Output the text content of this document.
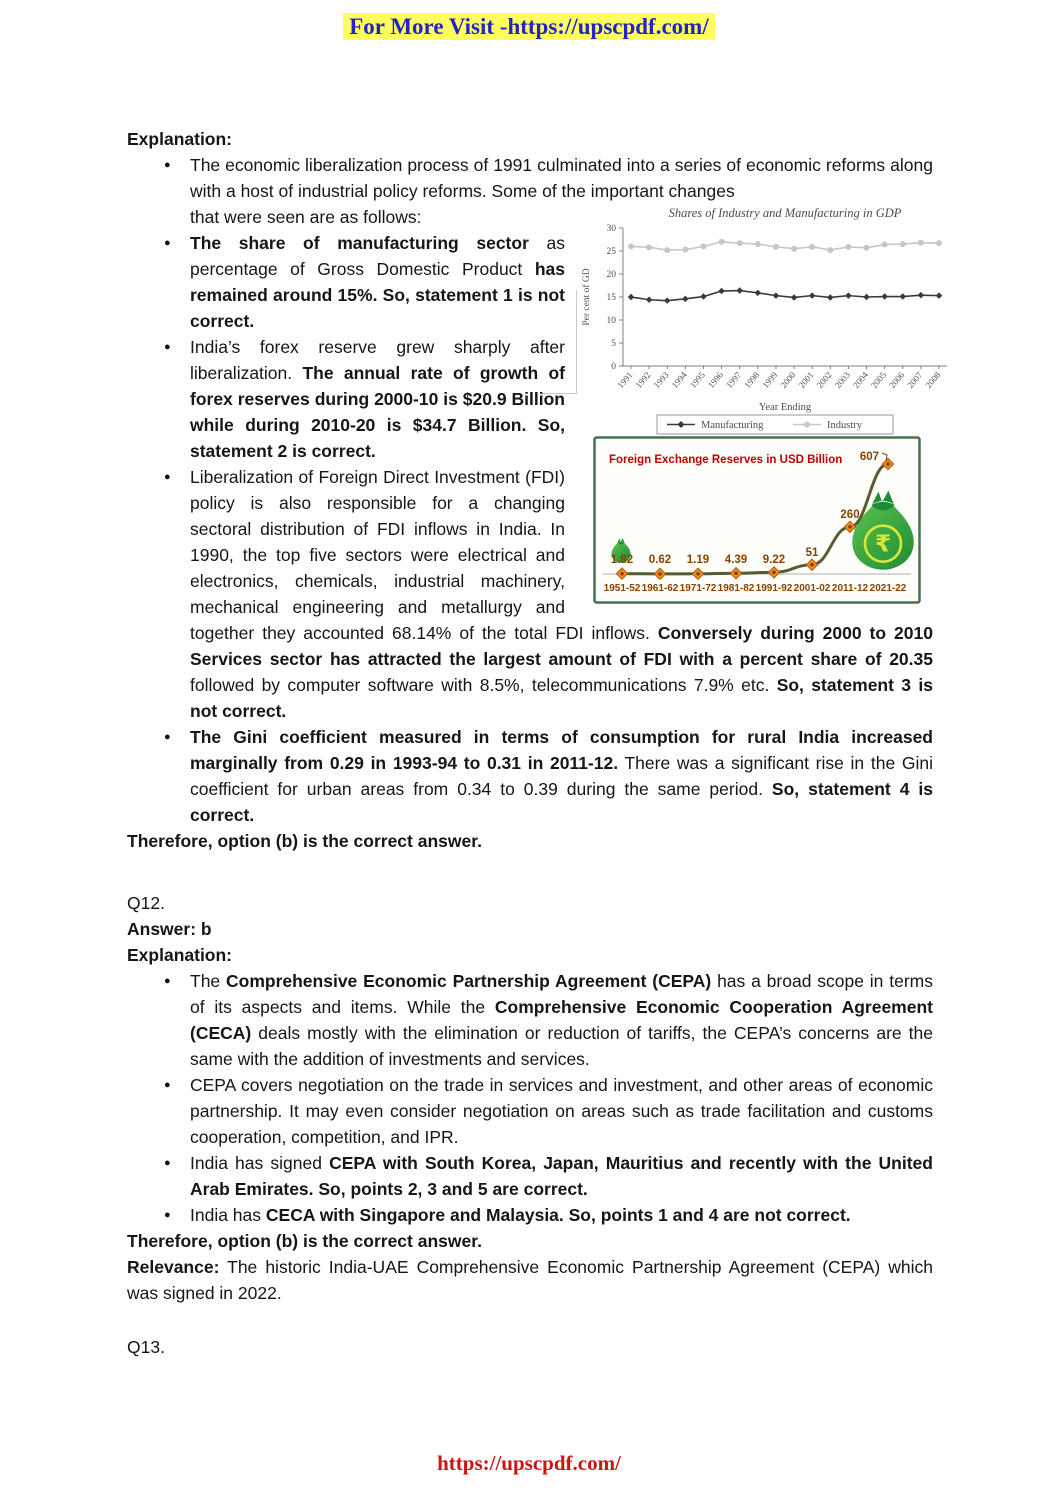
For More Visit -https://upscpdf.com/
Explanation:
● The economic liberalization process of 1991 culminated into a series of economic reforms along with a host of industrial policy reforms. Some of the important changes
Shares of Industry and Manufacturing in GDP
0
5
10
15
20
25
30
Per cent of GD
1991
1992
1993
1994
1995
1996
1997
1998
1999
2000
2001
2002
2003
2004
2005
2006
2007
2008
Year Ending
Manufacturing	Industry
Foreign Exchange Reserves in USD Billion
₹
1.82
1951-52
0.62
1961-62
1.19
1971-72
4.39
1981-82
9.22
1991-92
51
2001-02
260
2011-12
607
2021-22
that were seen are as follows:
● The share of manufacturing sector as percentage of Gross Domestic Product has remained around 15%. So, statement 1 is not correct.
● India’s forex reserve grew sharply after liberalization. The annual rate of growth of forex reserves during 2000-10 is $20.9 Billion while during 2010-20 is $34.7 Billion. So, statement 2 is correct.
● Liberalization of Foreign Direct Investment (FDI) policy is also responsible for a changing sectoral distribution of FDI inflows in India. In 1990, the top five sectors were electrical and electronics, chemicals, industrial machinery, mechanical engineering and metallurgy and together they accounted 68.14% of the total FDI inflows. Conversely during 2000 to 2010 Services sector has attracted the largest amount of FDI with a percent share of 20.35 followed by computer software with 8.5%, telecommunications 7.9% etc. So, statement 3 is not correct.
● The Gini coefficient measured in terms of consumption for rural India increased marginally from 0.29 in 1993-94 to 0.31 in 2011-12. There was a significant rise in the Gini coefficient for urban areas from 0.34 to 0.39 during the same period. So, statement 4 is correct.
Therefore, option (b) is the correct answer.
Q12.
Answer: b
Explanation:
● The Comprehensive Economic Partnership Agreement (CEPA) has a broad scope in terms of its aspects and items. While the Comprehensive Economic Cooperation Agreement (CECA) deals mostly with the elimination or reduction of tariffs, the CEPA’s concerns are the same with the addition of investments and services.
● CEPA covers negotiation on the trade in services and investment, and other areas of economic partnership. It may even consider negotiation on areas such as trade facilitation and customs cooperation, competition, and IPR.
● India has signed CEPA with South Korea, Japan, Mauritius and recently with the United Arab Emirates. So, points 2, 3 and 5 are correct.
● India has CECA with Singapore and Malaysia. So, points 1 and 4 are not correct.
Therefore, option (b) is the correct answer.
Relevance: The historic India-UAE Comprehensive Economic Partnership Agreement (CEPA) which was signed in 2022.
Q13.
https://upscpdf.com/
